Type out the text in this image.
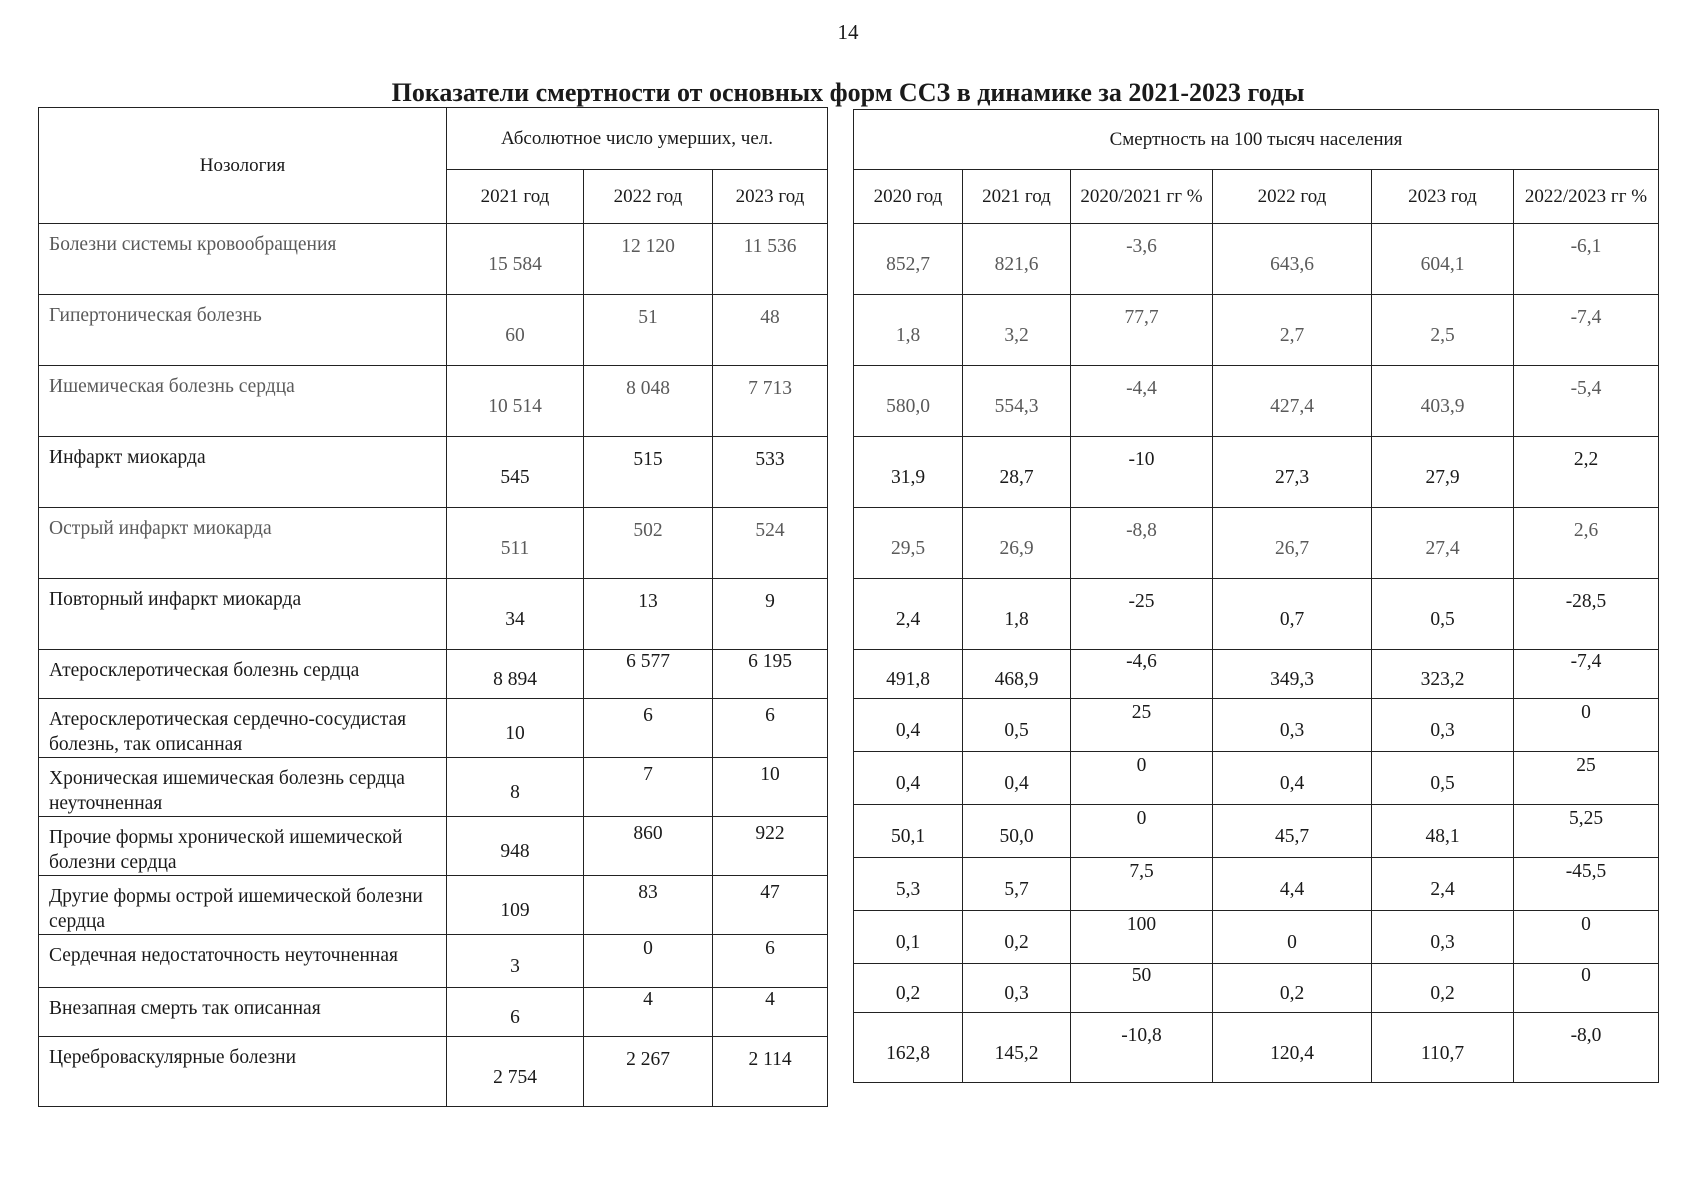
14
Показатели смертности от основных форм ССЗ в динамике за 2021-2023 годы
Нозология	Абсолютное число умерших, чел.		
	2021 год	2022 год	2023 год
Болезни системы кровообращения	15 584	12 120	11 536
Гипертоническая болезнь	60	51	48
Ишемическая болезнь сердца	10 514	8 048	7 713
Инфаркт миокарда	545	515	533
Острый инфаркт миокарда	511	502	524
Повторный инфаркт миокарда	34	13	9
Атеросклеротическая болезнь сердца	8 894	6 577	6 195
Атеросклеротическая сердечно-сосудистая болезнь, так описанная	10	6	6
Хроническая ишемическая болезнь сердца неуточненная	8	7	10
Прочие формы хронической ишемической болезни сердца	948	860	922
Другие формы острой ишемической болезни сердца	109	83	47
Сердечная недостаточность неуточненная	3	0	6
Внезапная смерть так описанная	6	4	4
Цереброваскулярные болезни	2 754	2 267	2 114
Смертность на 100 тысяч населения					
2020 год	2021 год	2020/2021 гг %	2022 год	2023 год	2022/2023 гг %
852,7	821,6	-3,6	643,6	604,1	-6,1
1,8	3,2	77,7	2,7	2,5	-7,4
580,0	554,3	-4,4	427,4	403,9	-5,4
31,9	28,7	-10	27,3	27,9	2,2
29,5	26,9	-8,8	26,7	27,4	2,6
2,4	1,8	-25	0,7	0,5	-28,5
491,8	468,9	-4,6	349,3	323,2	-7,4
0,4	0,5	25	0,3	0,3	0
0,4	0,4	0	0,4	0,5	25
50,1	50,0	0	45,7	48,1	5,25
5,3	5,7	7,5	4,4	2,4	-45,5
0,1	0,2	100	0	0,3	0
0,2	0,3	50	0,2	0,2	0
162,8	145,2	-10,8	120,4	110,7	-8,0
